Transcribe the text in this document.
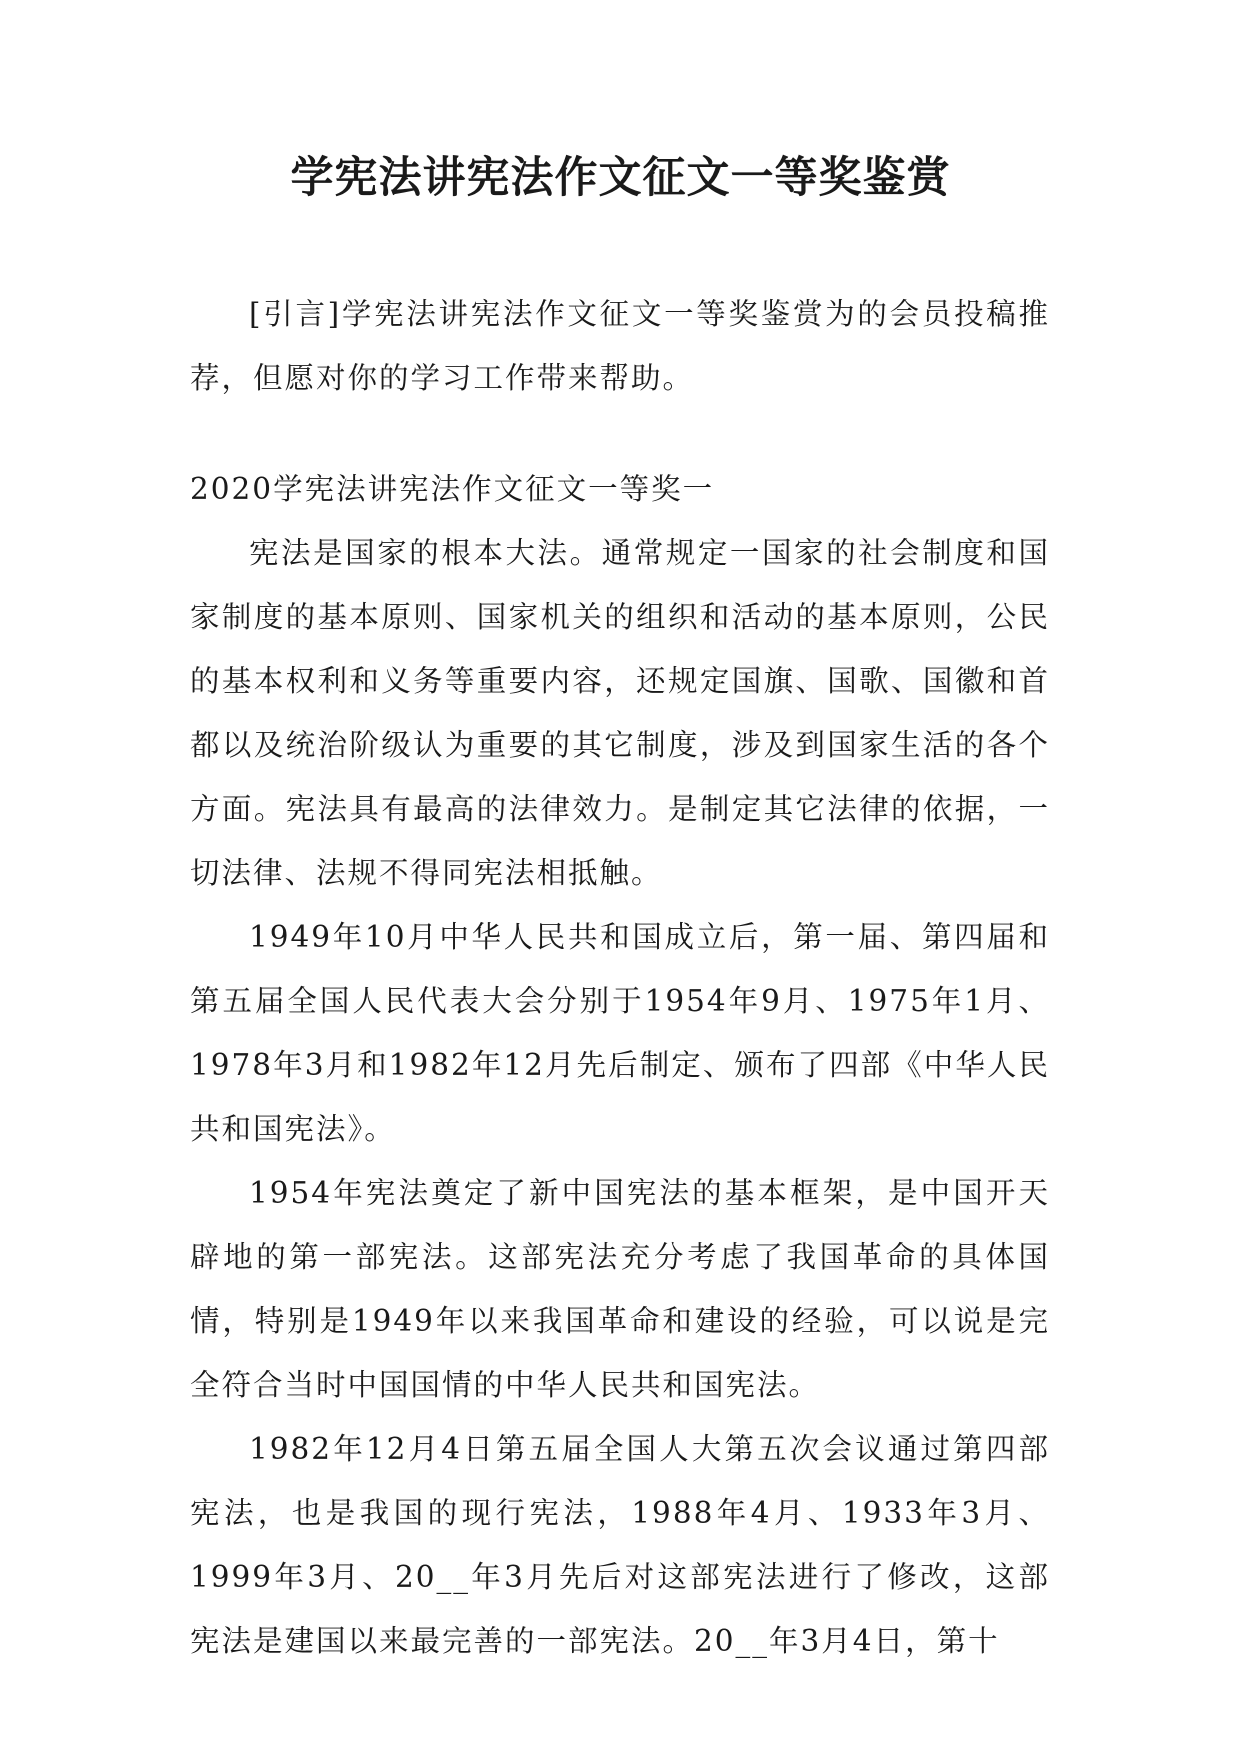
学宪法讲宪法作文征文一等奖鉴赏

[引言]学宪法讲宪法作文征文一等奖鉴赏为的会员投稿推荐，但愿对你的学习工作带来帮助。

2020学宪法讲宪法作文征文一等奖一

宪法是国家的根本大法。通常规定一国家的社会制度和国家制度的基本原则、国家机关的组织和活动的基本原则，公民的基本权利和义务等重要内容，还规定国旗、国歌、国徽和首都以及统治阶级认为重要的其它制度，涉及到国家生活的各个方面。宪法具有最高的法律效力。是制定其它法律的依据，一切法律、法规不得同宪法相抵触。

1949年10月中华人民共和国成立后，第一届、第四届和第五届全国人民代表大会分别于1954年9月、1975年1月、1978年3月和1982年12月先后制定、颁布了四部《中华人民共和国宪法》。

1954年宪法奠定了新中国宪法的基本框架，是中国开天辟地的第一部宪法。这部宪法充分考虑了我国革命的具体国情，特别是1949年以来我国革命和建设的经验，可以说是完全符合当时中国国情的中华人民共和国宪法。

1982年12月4日第五届全国人大第五次会议通过第四部宪法，也是我国的现行宪法，1988年4月、1933年3月、1999年3月、20__年3月先后对这部宪法进行了修改，这部宪法是建国以来最完善的一部宪法。20__年3月4日，第十
